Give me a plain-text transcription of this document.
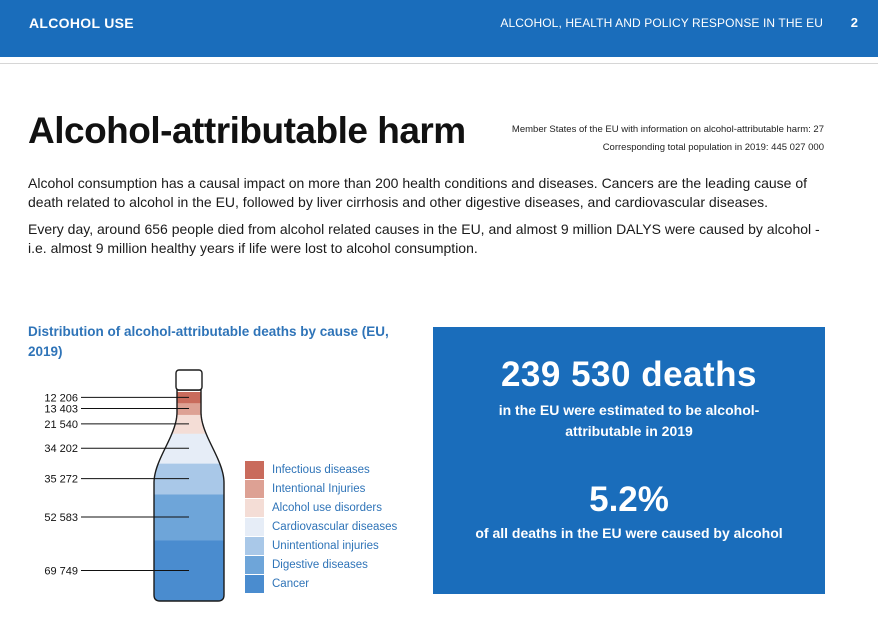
ALCOHOL USE	ALCOHOL, HEALTH AND POLICY RESPONSE IN THE EU 2
Alcohol-attributable harm	Member States of the EU with information on alcohol-attributable harm: 27
Corresponding total population in 2019: 445 027 000

Alcohol consumption has a causal impact on more than 200 health conditions and diseases. Cancers are the leading cause of death related to alcohol in the EU, followed by liver cirrhosis and other digestive diseases, and cardiovascular diseases.

Every day, around 656 people died from alcohol related causes in the EU, and almost 9 million DALYS were caused by alcohol - i.e. almost 9 million healthy years if life were lost to alcohol consumption.

Distribution of alcohol-attributable deaths by cause (EU, 2019)
12 206
13 403
21 540
34 202
35 272
52 583
69 749
Infectious diseases
Intentional Injuries
Alcohol use disorders
Cardiovascular diseases
Unintentional injuries
Digestive diseases
Cancer
239 530 deaths
in the EU were estimated to be alcohol-attributable in 2019
5.2%
of all deaths in the EU were caused by alcohol
